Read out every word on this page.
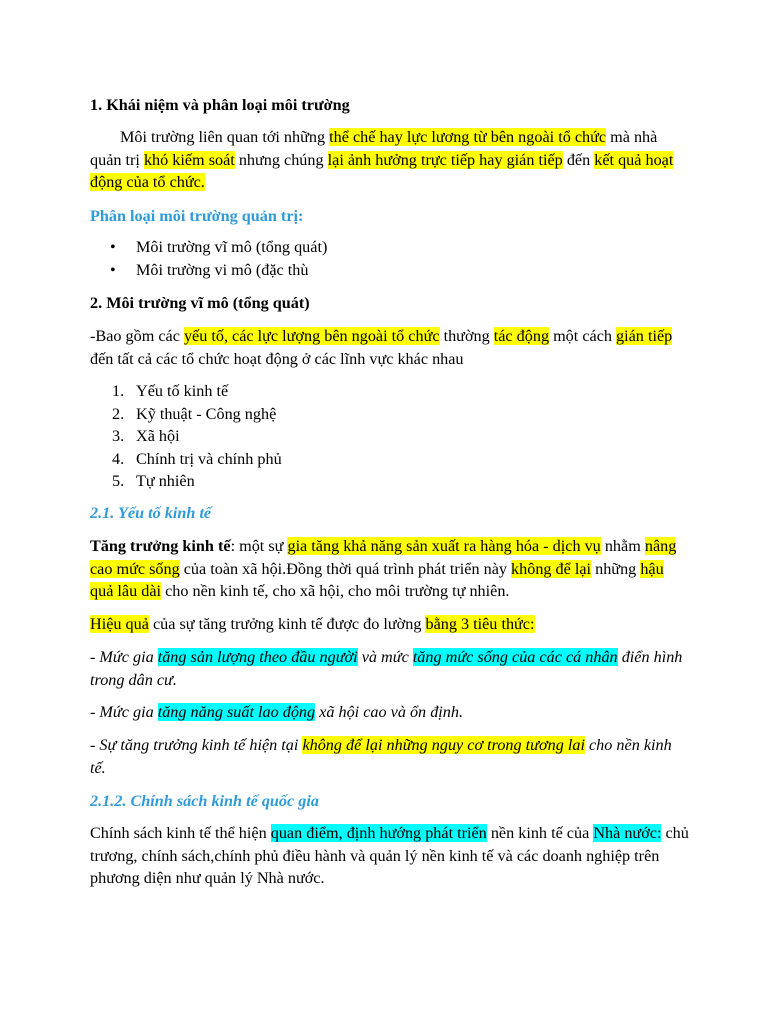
1. Khái niệm và phân loại môi trường

Môi trường liên quan tới những thể chế hay lực lương từ bên ngoài tổ chức mà nhà quản trị khó kiếm soát nhưng chúng lại ảnh hưởng trực tiếp hay gián tiếp đến kết quả hoạt động của tổ chức.

Phân loại môi trường quản trị:

• Môi trường vĩ mô (tổng quát)
• Môi trường vi mô (đặc thù

2. Môi trường vĩ mô (tổng quát)

-Bao gồm các yếu tố, các lực lượng bên ngoài tổ chức thường tác động một cách gián tiếp đến tất cả các tổ chức hoạt động ở các lĩnh vực khác nhau

1. Yếu tố kinh tế
2. Kỹ thuật - Công nghệ
3. Xã hội
4. Chính trị và chính phủ
5. Tự nhiên

2.1. Yếu tố kinh tế

Tăng trưởng kinh tế: một sự gia tăng khả năng sản xuất ra hàng hóa - dịch vụ nhằm nâng cao mức sống của toàn xã hội.Đồng thời quá trình phát triển này không để lại những hậu quả lâu dài cho nền kinh tế, cho xã hội, cho môi trường tự nhiên.

Hiệu quả của sự tăng trưởng kinh tế được đo lường bằng 3 tiêu thức:

- Mức gia tăng sản lượng theo đầu người và mức tăng mức sống của các cá nhân điển hình trong dân cư.

- Mức gia tăng năng suất lao động xã hội cao và ổn định.

- Sự tăng trưởng kinh tế hiện tại không để lại những nguy cơ trong tương lai cho nền kinh tế.

2.1.2. Chính sách kinh tế quốc gia

Chính sách kinh tế thể hiện quan điểm, định hướng phát triển nền kinh tế của Nhà nước: chủ trương, chính sách,chính phủ điều hành và quản lý nền kinh tế và các doanh nghiệp trên phương diện như quản lý Nhà nước.
